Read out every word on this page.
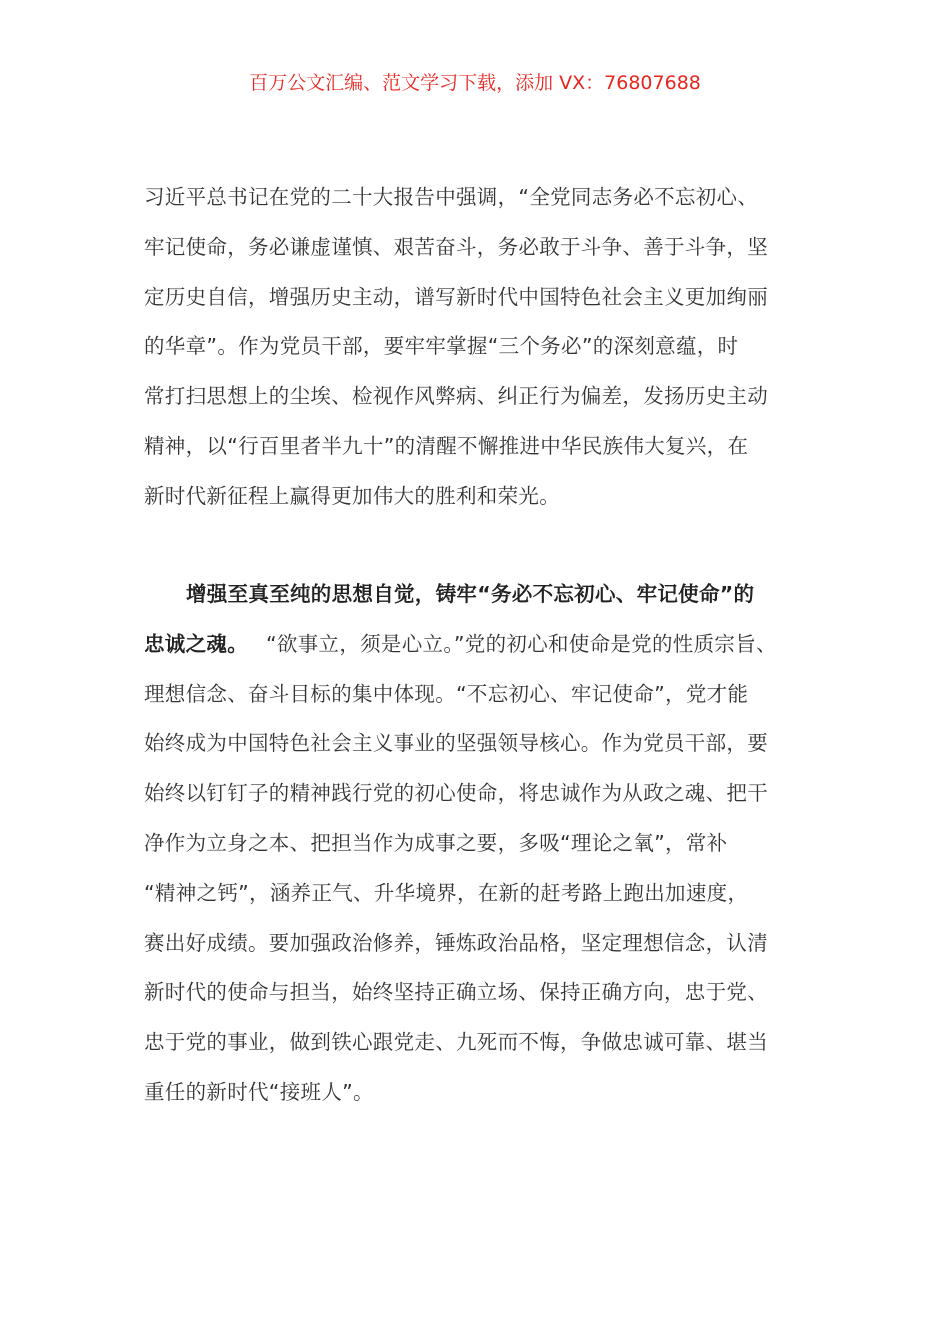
百万公文汇编、范文学习下载，添加 VX：76807688
习近平总书记在党的二十大报告中强调，“全党同志务必不忘初心、
牢记使命，务必谦虚谨慎、艰苦奋斗，务必敢于斗争、善于斗争，坚
定历史自信，增强历史主动，谱写新时代中国特色社会主义更加绚丽
的华章”。作为党员干部，要牢牢掌握“三个务必”的深刻意蕴，时
常打扫思想上的尘埃、检视作风弊病、纠正行为偏差，发扬历史主动
精神，以“行百里者半九十”的清醒不懈推进中华民族伟大复兴，在
新时代新征程上赢得更加伟大的胜利和荣光。
增强至真至纯的思想自觉，铸牢“务必不忘初心、牢记使命”的
忠诚之魂。 “欲事立，须是心立。”党的初心和使命是党的性质宗旨、
理想信念、奋斗目标的集中体现。“不忘初心、牢记使命”，党才能
始终成为中国特色社会主义事业的坚强领导核心。作为党员干部，要
始终以钉钉子的精神践行党的初心使命，将忠诚作为从政之魂、把干
净作为立身之本、把担当作为成事之要，多吸“理论之氧”，常补
“精神之钙”，涵养正气、升华境界，在新的赶考路上跑出加速度，
赛出好成绩。要加强政治修养，锤炼政治品格，坚定理想信念，认清
新时代的使命与担当，始终坚持正确立场、保持正确方向，忠于党、
忠于党的事业，做到铁心跟党走、九死而不悔，争做忠诚可靠、堪当
重任的新时代“接班人”。
